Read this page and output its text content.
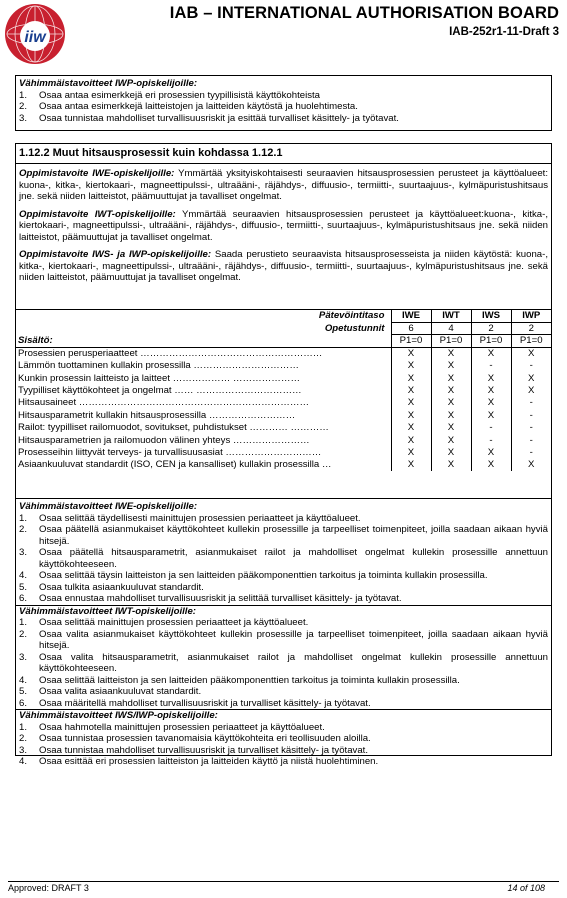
iiw
IAB – INTERNATIONAL AUTHORISATION BOARD
IAB-252r1-11-Draft 3
Vähimmäistavoitteet IWP-opiskelijoille:
1.	Osaa antaa esimerkkejä eri prosessien tyypillisistä käyttökohteista
2.	Osaa antaa esimerkkejä laitteistojen ja laitteiden käytöstä ja huolehtimesta.
3.	Osaa tunnistaa mahdolliset turvallisuusriskit ja esittää turvalliset käsittely- ja työtavat.
1.12.2 Muut hitsausprosessit kuin kohdassa 1.12.1

Oppimistavoite IWE-opiskelijoille: Ymmärtää yksityiskohtaisesti seuraavien hitsausprosessien perusteet ja käyttöalueet: kuona-, kitka-, kiertokaari-, magneettipulssi-, ultraääni-, räjähdys-, diffuusio-, termiitti-, suurtaajuus-, kylmäpuristushitsaus jne. sekä niiden laitteistot, päämuuttujat ja tavalliset ongelmat.

Oppimistavoite IWT-opiskelijoille: Ymmärtää seuraavien hitsausprosessien perusteet ja käyttöalueet:kuona-, kitka-, kiertokaari-, magneettipulssi-, ultraääni-, räjähdys-, diffuusio-, termiitti-, suurtaajuus-, kylmäpuristushitsaus jne. sekä niiden laitteistot, päämuuttujat ja tavalliset ongelmat.

Oppimistavoite IWS- ja IWP-opiskelijoille: Saada perustieto seuraavista hitsausprosesseista ja niiden käytöstä: kuona-, kitka-, kiertokaari-, magneettipulssi-, ultraääni-, räjähdys-, diffuusio-, termiitti-, suurtaajuus-, kylmäpuristushitsaus jne. sekä niiden laitteistot, päämuuttujat ja tavalliset ongelmat.

Pätevöintitaso	IWE	IWT	IWS	IWP
Opetustunnit	6	4	2	2
Sisältö:	P1=0	P1=0	P1=0	P1=0
Prosessien perusperiaatteet …………………………………………………	X	X	X	X
Lämmön tuottaminen kullakin prosessilla ……………………………	X	X	-	-
Kunkin prosessin laitteisto ja laitteet ……………… …………………	X	X	X	X
Tyypilliset käyttökohteet ja ongelmat …… ……………………………	X	X	X	X
Hitsausaineet ………………………………………………………………	X	X	X	-
Hitsausparametrit kullakin hitsausprosessilla ………………………	X	X	X	-
Railot: tyypilliset railomuodot, sovitukset, puhdistukset ………… …………	X	X	-	-
Hitsausparametrien ja railomuodon välinen yhteys ……………………	X	X	-	-
Prosesseihin liittyvät terveys- ja turvallisuusasiat …………………………	X	X	X	-
Asiaankuuluvat standardit (ISO, CEN ja kansalliset) kullakin prosessilla …	X	X	X	X
Vähimmäistavoitteet IWE-opiskelijoille:
1.	Osaa selittää täydellisesti mainittujen prosessien periaatteet ja käyttöalueet.
2.	Osaa päätellä asianmukaiset käyttökohteet kullekin prosessille ja tarpeelliset toimenpiteet, joilla saadaan aikaan hyviä hitsejä.
3.	Osaa päätellä hitsausparametrit, asianmukaiset railot ja mahdolliset ongelmat kullekin prosessille annettuun käyttökohteeseen.
4.	Osaa selittää täysin laitteiston ja sen laitteiden pääkomponenttien tarkoitus ja toiminta kullakin prosessilla.
5.	Osaa tulkita asiaankuuluvat standardit.
6.	Osaa ennustaa mahdolliset turvallisuusriskit ja selittää turvalliset käsittely- ja työtavat.
Vähimmäistavoitteet IWT-opiskelijoille:
1.	Osaa selittää mainittujen prosessien periaatteet ja käyttöalueet.
2.	Osaa valita asianmukaiset käyttökohteet kullekin prosessille ja tarpeelliset toimenpiteet, joilla saadaan aikaan hyviä hitsejä.
3.	Osaa valita hitsausparametrit, asianmukaiset railot ja mahdolliset ongelmat kullekin prosessille annettuun käyttökohteeseen.
4.	Osaa selittää laitteiston ja sen laitteiden pääkomponenttien tarkoitus ja toiminta kullakin prosessilla.
5.	Osaa valita asiaankuuluvat standardit.
6.	Osaa määritellä mahdolliset turvallisuusriskit ja turvalliset käsittely- ja työtavat.
Vähimmäistavoitteet IWS/IWP-opiskelijoille:
1.	Osaa hahmotella mainittujen prosessien periaatteet ja käyttöalueet.
2.	Osaa tunnistaa prosessien tavanomaisia käyttökohteita eri teollisuuden aloilla.
3.	Osaa tunnistaa mahdolliset turvallisuusriskit ja turvalliset käsittely- ja työtavat.
4.	Osaa esittää eri prosessien laitteiston ja laitteiden käyttö ja niistä huolehtiminen.
Approved: DRAFT 3	14 of 108
